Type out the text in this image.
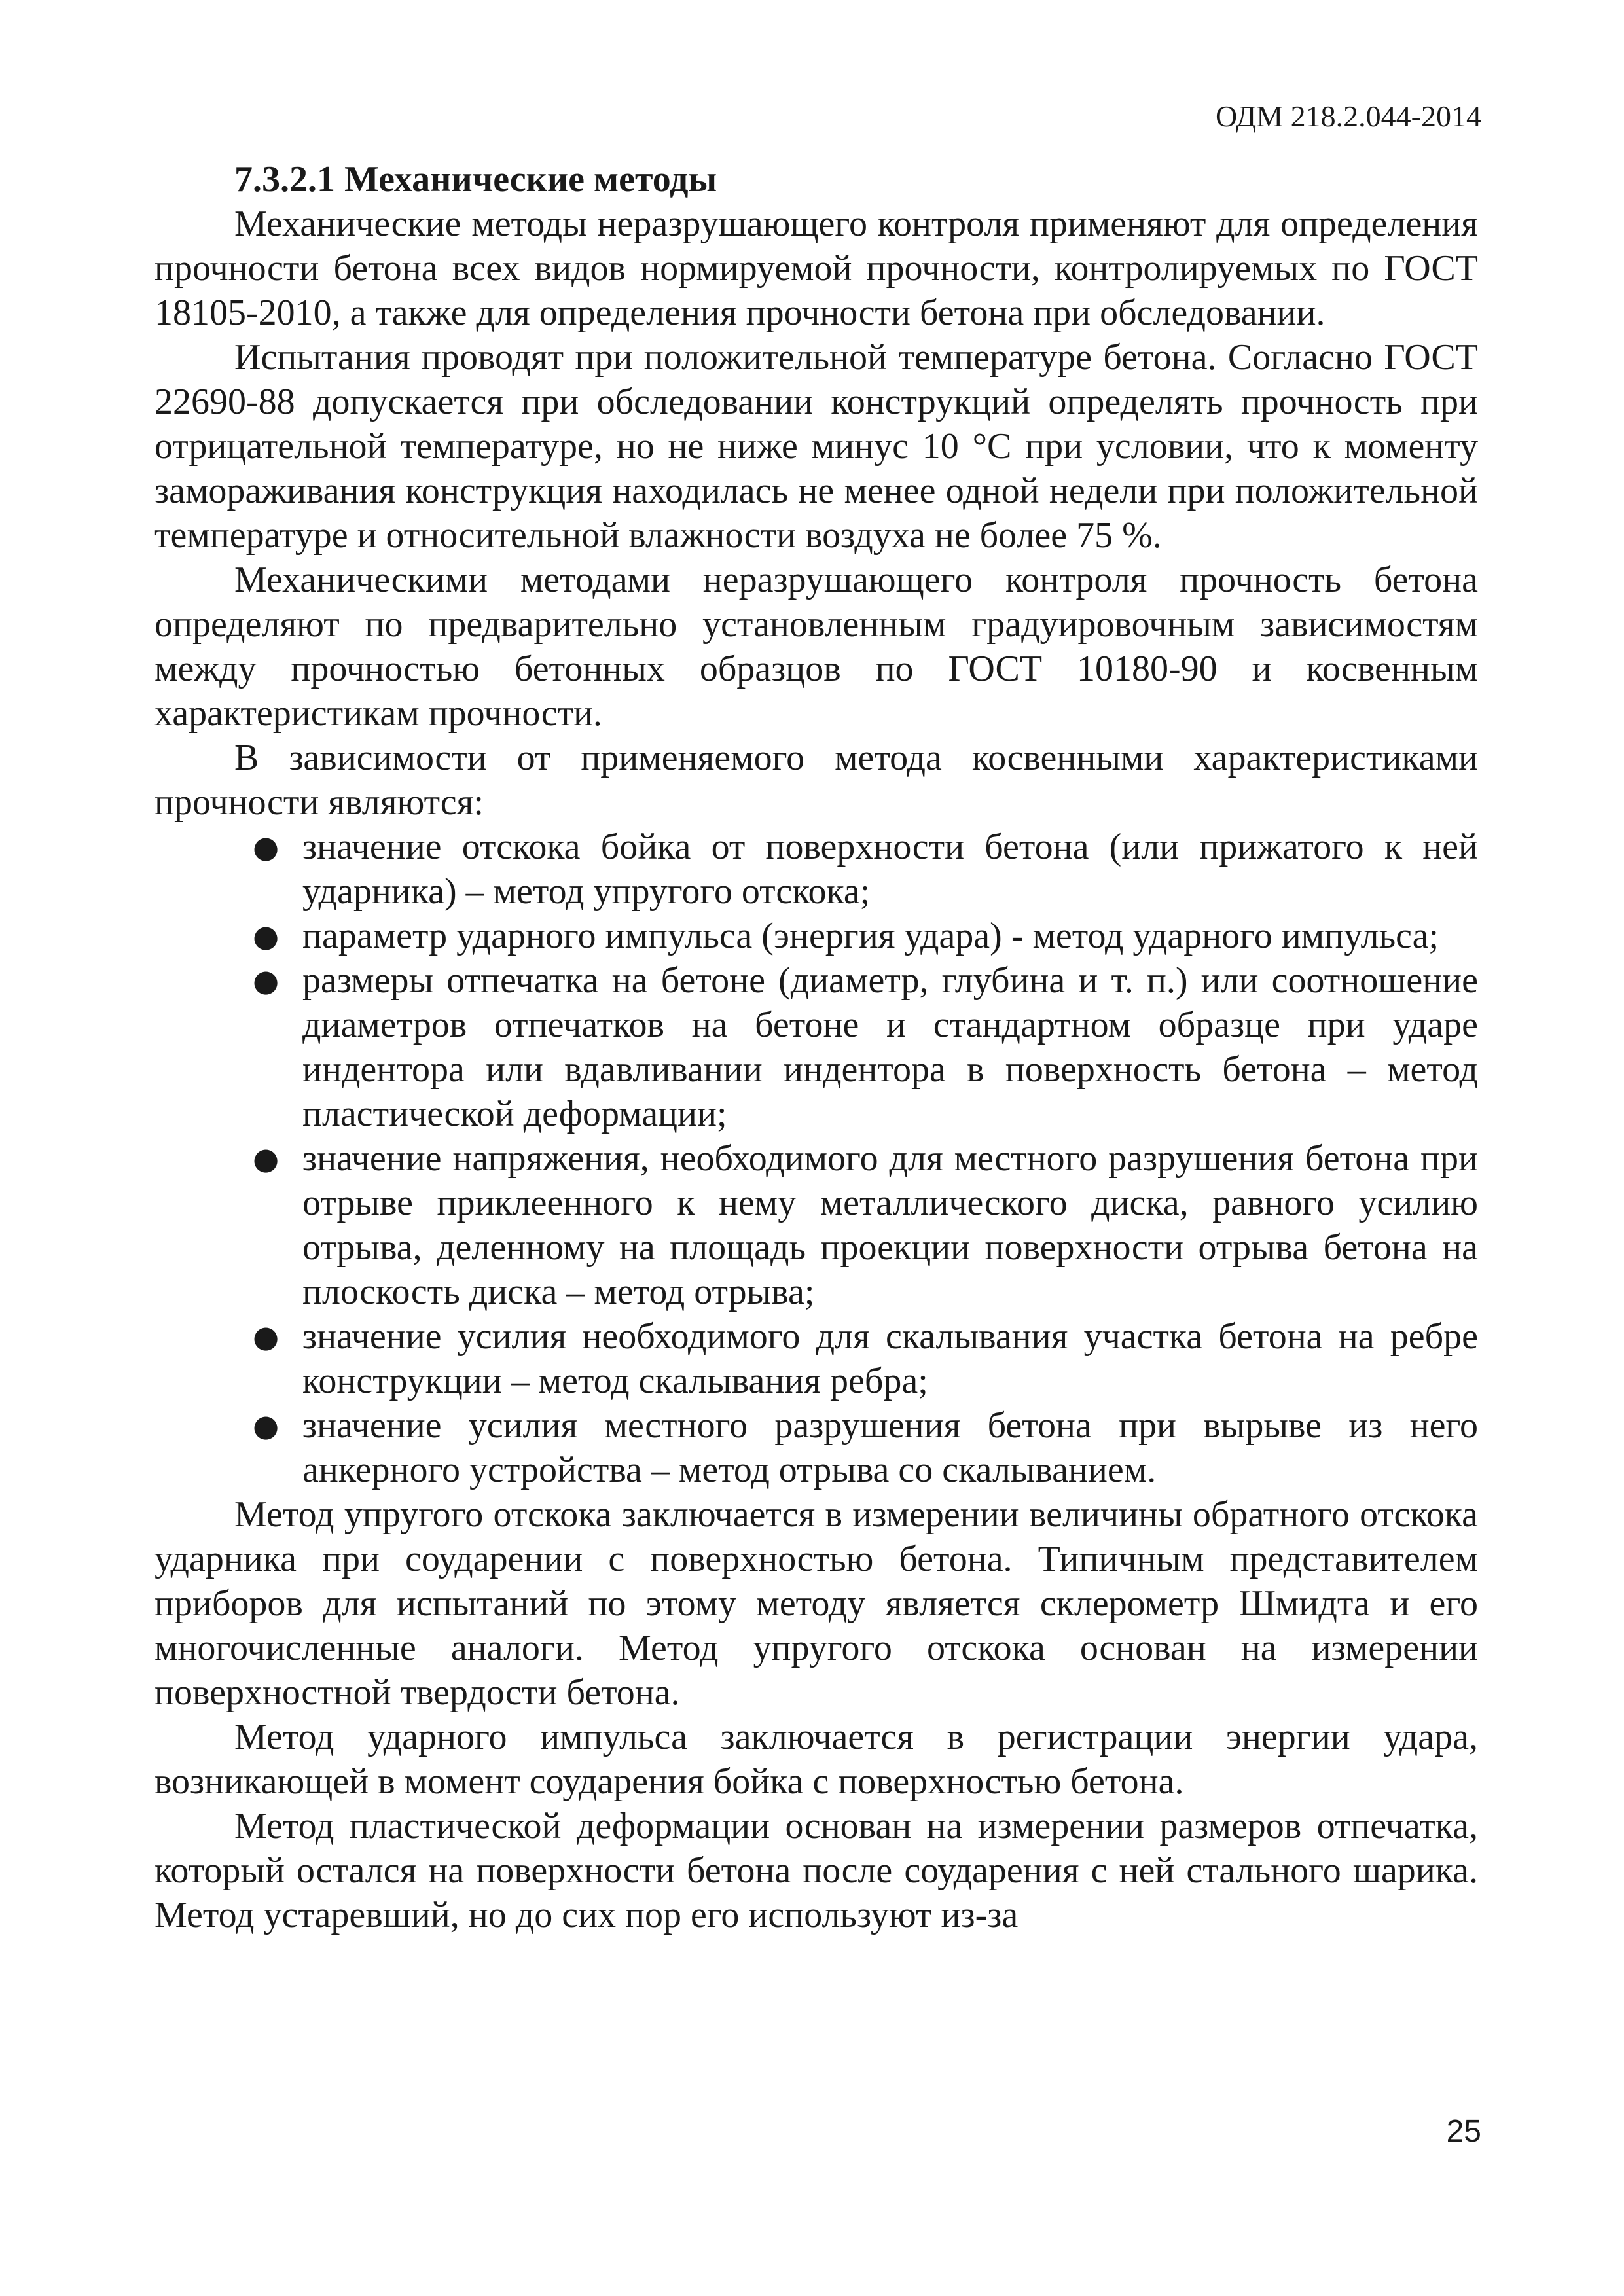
ОДМ 218.2.044-2014

7.3.2.1 Механические методы

Механические методы неразрушающего контроля применяют для определения прочности бетона всех видов нормируемой прочности, контролируемых по ГОСТ 18105-2010, а также для определения прочности бетона при обследовании.

Испытания проводят при положительной температуре бетона. Согласно ГОСТ 22690-88 допускается при обследовании конструкций определять прочность при отрицательной температуре, но не ниже минус 10 °С при условии, что к моменту замораживания конструкция находилась не менее одной недели при положительной температуре и относительной влажности воздуха не более 75 %.

Механическими методами неразрушающего контроля прочность бетона определяют по предварительно установленным градуировочным зависимостям между прочностью бетонных образцов по ГОСТ 10180-90 и косвенным характеристикам прочности.

В зависимости от применяемого метода косвенными характеристиками прочности являются:

● значение отскока бойка от поверхности бетона (или прижатого к ней ударника) – метод упругого отскока;
● параметр ударного импульса (энергия удара) - метод ударного импульса;
● размеры отпечатка на бетоне (диаметр, глубина и т. п.) или соотношение диаметров отпечатков на бетоне и стандартном образце при ударе индентора или вдавливании индентора в поверхность бетона – метод пластической деформации;
● значение напряжения, необходимого для местного разрушения бетона при отрыве приклеенного к нему металлического диска, равного усилию отрыва, деленному на площадь проекции поверхности отрыва бетона на плоскость диска – метод отрыва;
● значение усилия необходимого для скалывания участка бетона на ребре конструкции – метод скалывания ребра;
● значение усилия местного разрушения бетона при вырыве из него анкерного устройства – метод отрыва со скалыванием.

Метод упругого отскока заключается в измерении величины обратного отскока ударника при соударении с поверхностью бетона. Типичным представителем приборов для испытаний по этому методу является склерометр Шмидта и его многочисленные аналоги. Метод упругого отскока основан на измерении поверхностной твердости бетона.

Метод ударного импульса заключается в регистрации энергии удара, возникающей в момент соударения бойка с поверхностью бетона.

Метод пластической деформации основан на измерении размеров отпечатка, который остался на поверхности бетона после соударения с ней стального шарика. Метод устаревший, но до сих пор его используют из-за

25
